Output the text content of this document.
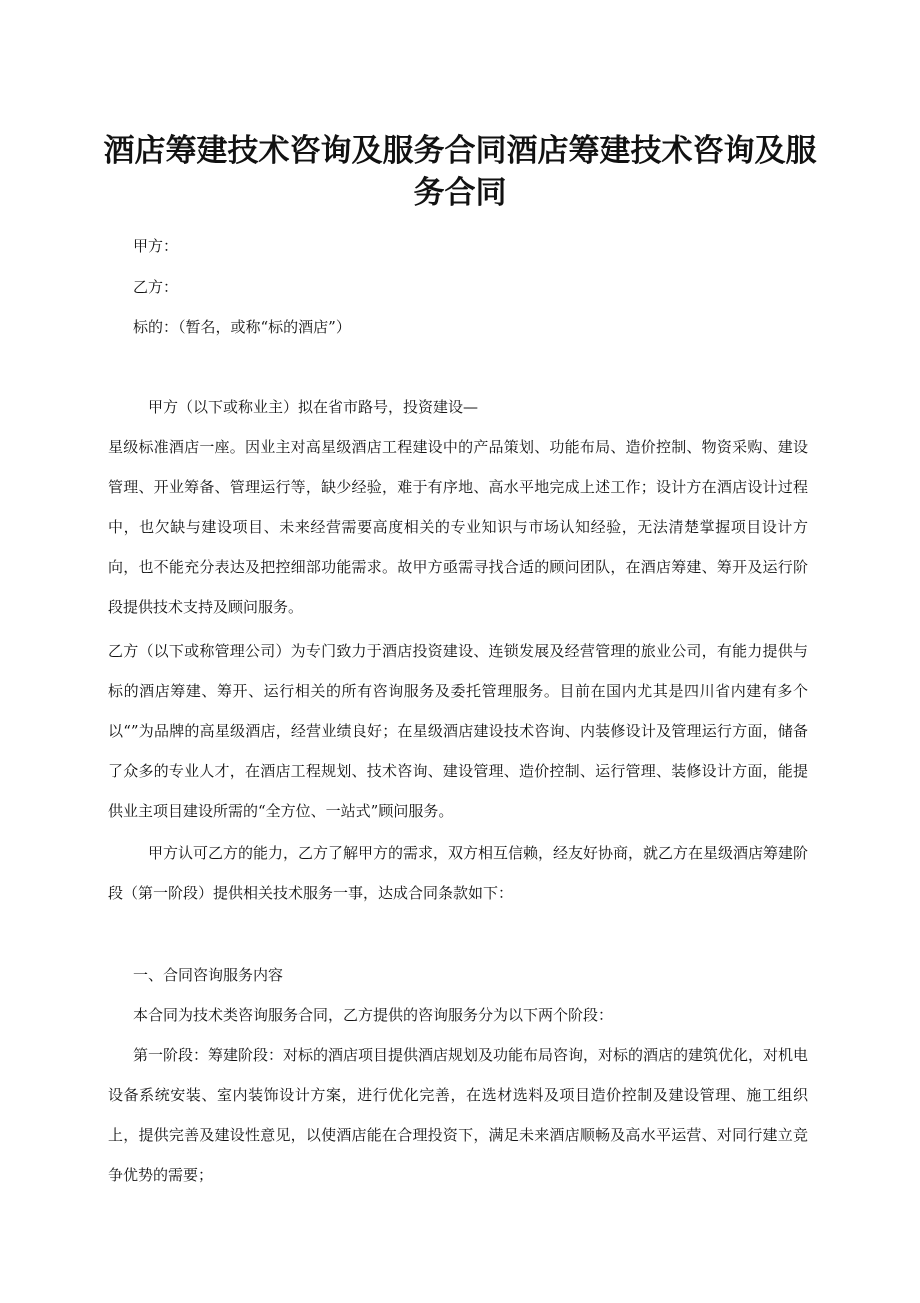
酒店筹建技术咨询及服务合同酒店筹建技术咨询及服务合同
甲方：
乙方：
标的：（暂名，或称“标的酒店”）
甲方（以下或称业主）拟在省市路号，投资建设—
星级标准酒店一座。因业主对高星级酒店工程建设中的产品策划、功能布局、造价控制、物资采购、建设管理、开业筹备、管理运行等，缺少经验，难于有序地、高水平地完成上述工作；设计方在酒店设计过程中，也欠缺与建设项目、未来经营需要高度相关的专业知识与市场认知经验，无法清楚掌握项目设计方向，也不能充分表达及把控细部功能需求。故甲方亟需寻找合适的顾问团队，在酒店筹建、筹开及运行阶段提供技术支持及顾问服务。
乙方（以下或称管理公司）为专门致力于酒店投资建设、连锁发展及经营管理的旅业公司，有能力提供与标的酒店筹建、筹开、运行相关的所有咨询服务及委托管理服务。目前在国内尤其是四川省内建有多个以“”为品牌的高星级酒店，经营业绩良好；在星级酒店建设技术咨询、内装修设计及管理运行方面，储备了众多的专业人才，在酒店工程规划、技术咨询、建设管理、造价控制、运行管理、装修设计方面，能提供业主项目建设所需的“全方位、一站式”顾问服务。
甲方认可乙方的能力，乙方了解甲方的需求，双方相互信赖，经友好协商，就乙方在星级酒店筹建阶段（第一阶段）提供相关技术服务一事，达成合同条款如下：
一、合同咨询服务内容
本合同为技术类咨询服务合同，乙方提供的咨询服务分为以下两个阶段：
第一阶段：筹建阶段：对标的酒店项目提供酒店规划及功能布局咨询，对标的酒店的建筑优化，对机电设备系统安装、室内装饰设计方案，进行优化完善，在选材选料及项目造价控制及建设管理、施工组织上，提供完善及建设性意见，以使酒店能在合理投资下，满足未来酒店顺畅及高水平运营、对同行建立竞争优势的需要；
